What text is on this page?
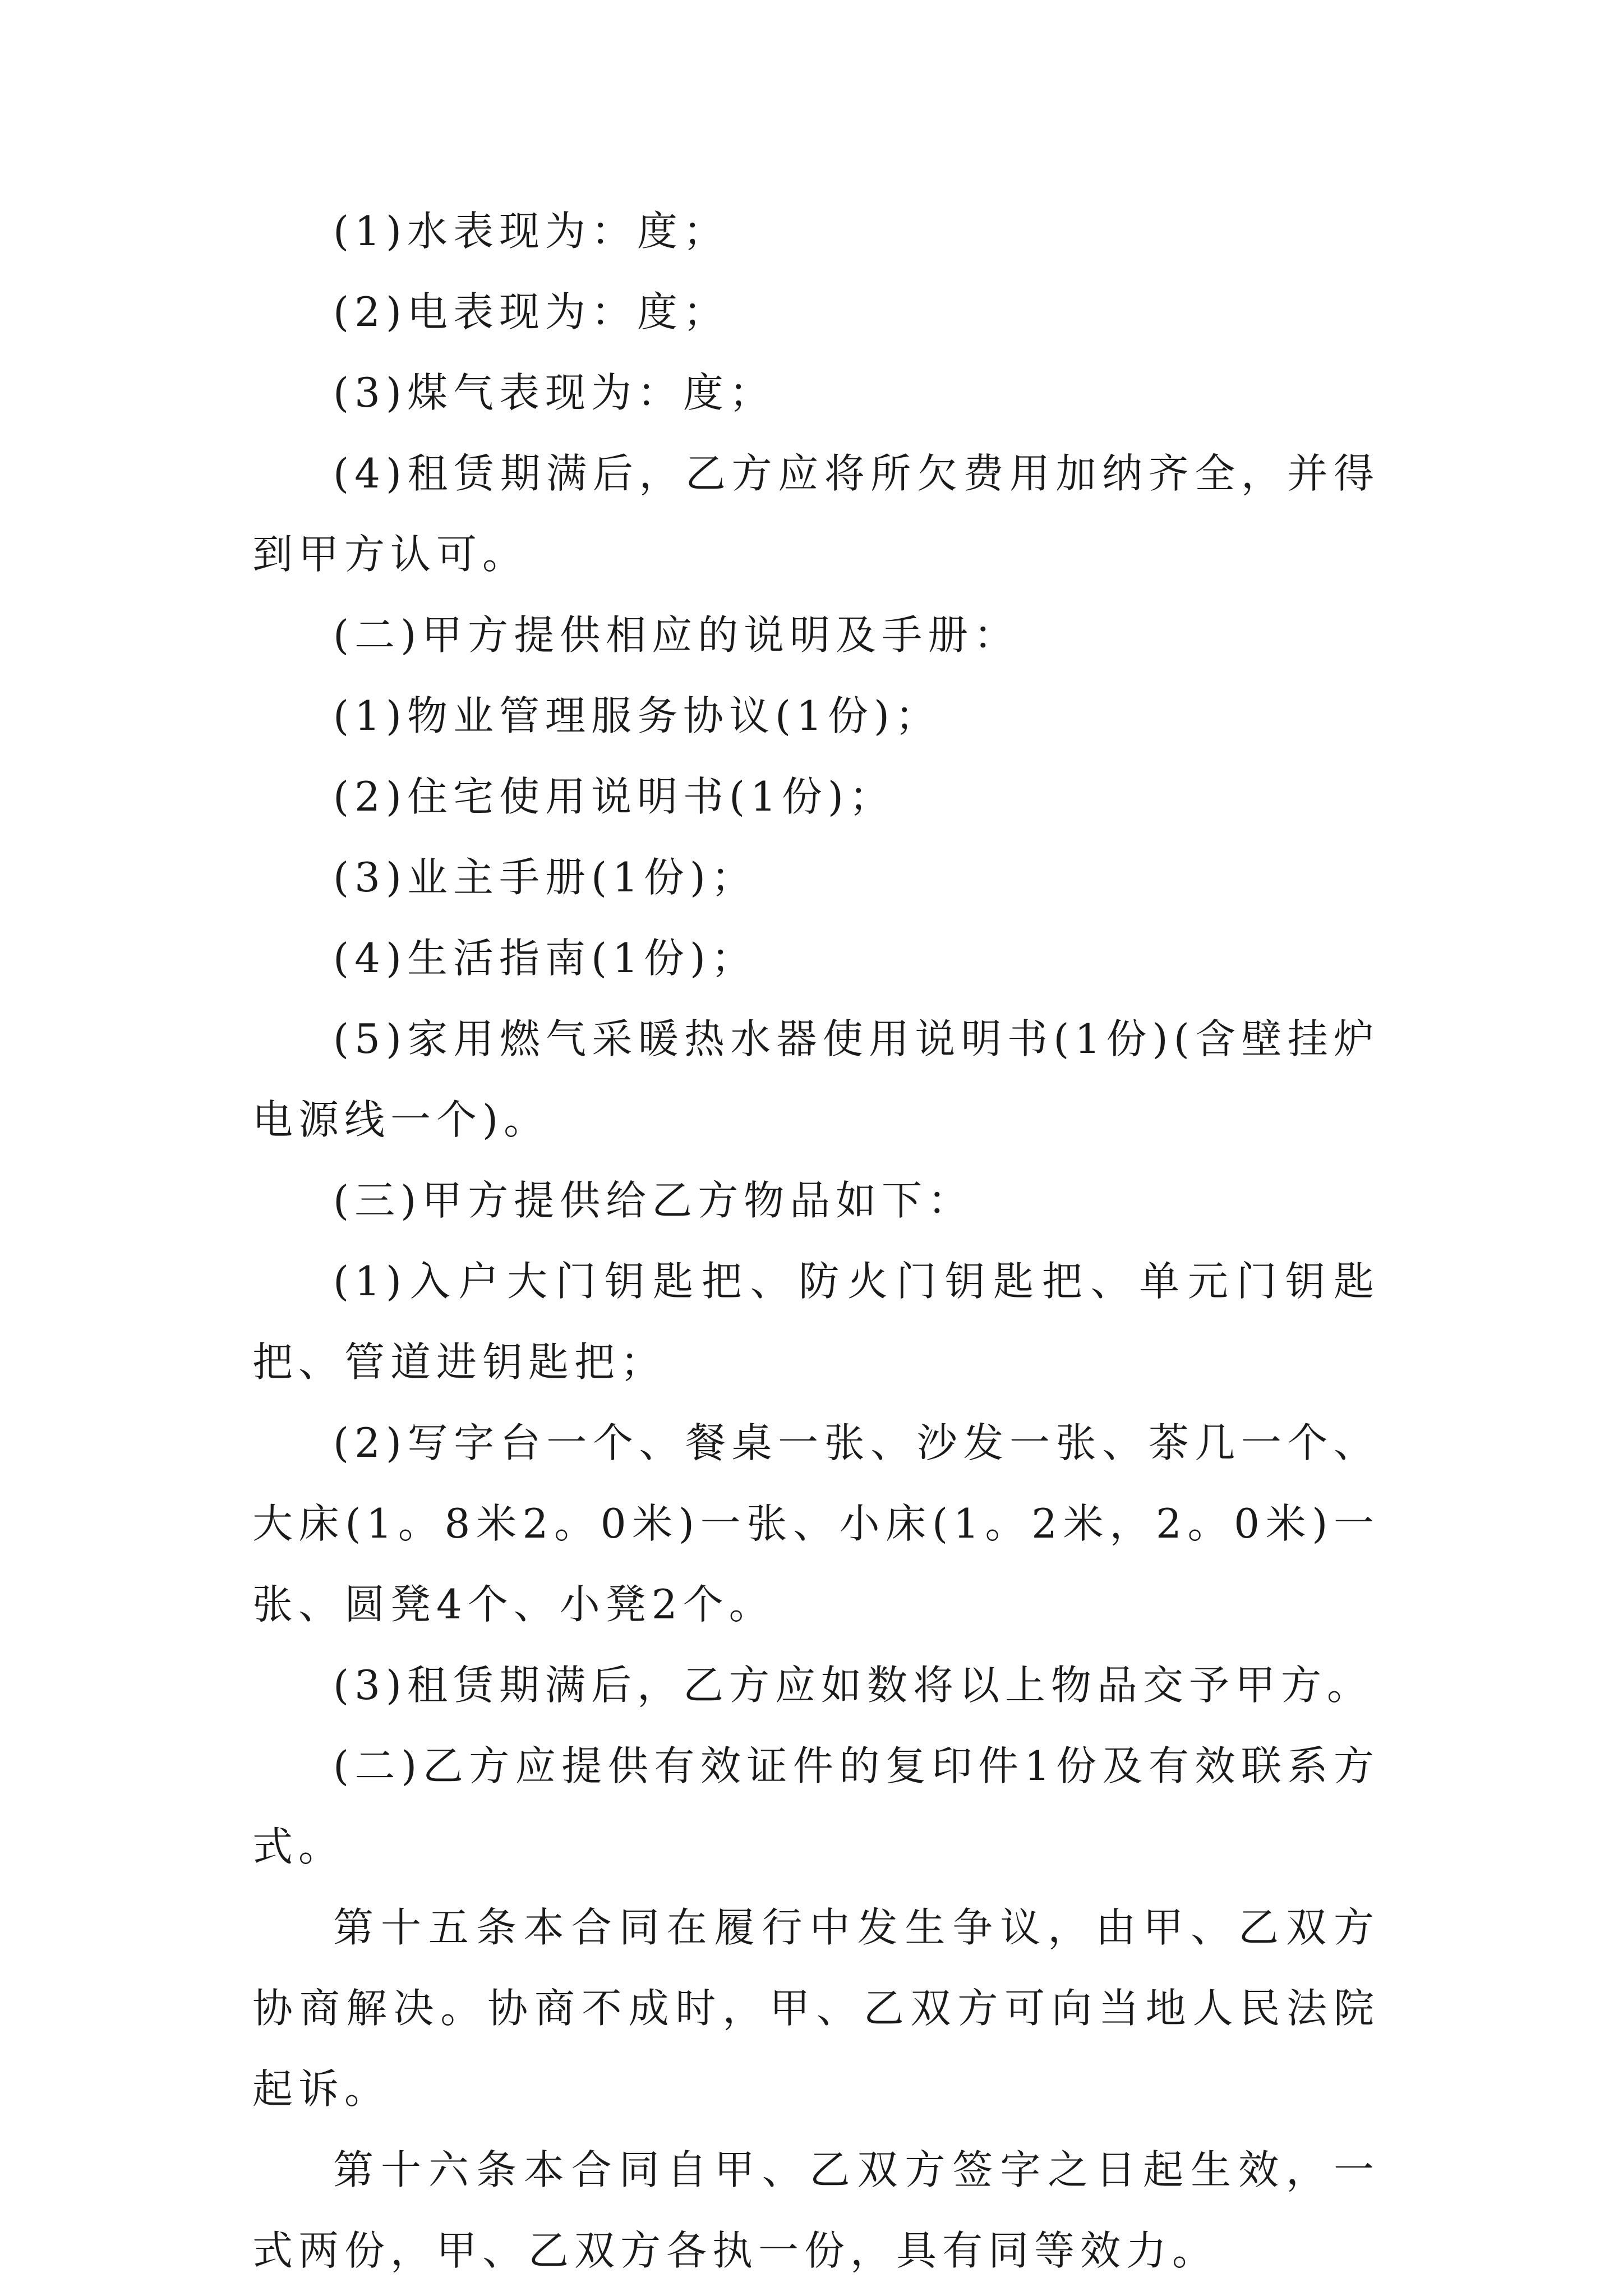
(1)水表现为：度；

(2)电表现为：度；

(3)煤气表现为：度；

(4)租赁期满后，乙方应将所欠费用加纳齐全，并得到甲方认可。

(二)甲方提供相应的说明及手册：

(1)物业管理服务协议(1份)；

(2)住宅使用说明书(1份)；

(3)业主手册(1份)；

(4)生活指南(1份)；

(5)家用燃气采暖热水器使用说明书(1份)(含壁挂炉电源线一个)。

(三)甲方提供给乙方物品如下：

(1)入户大门钥匙把、防火门钥匙把、单元门钥匙把、管道进钥匙把；

(2)写字台一个、餐桌一张、沙发一张、茶几一个、大床(1。8米2。0米)一张、小床(1。2米，2。0米)一张、圆凳4个、小凳2个。

(3)租赁期满后，乙方应如数将以上物品交予甲方。

(二)乙方应提供有效证件的复印件1份及有效联系方式。

第十五条本合同在履行中发生争议，由甲、乙双方协商解决。协商不成时，甲、乙双方可向当地人民法院起诉。

第十六条本合同自甲、乙双方签字之日起生效，一式两份，甲、乙双方各执一份，具有同等效力。
